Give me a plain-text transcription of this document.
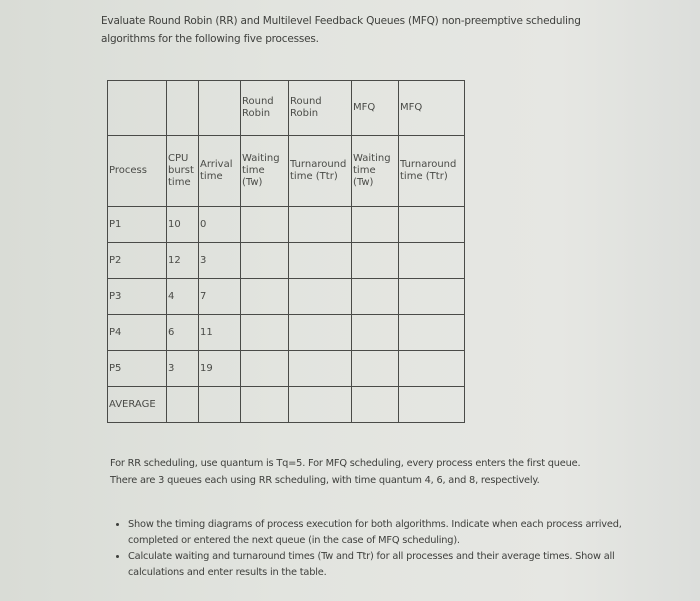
Evaluate Round Robin (RR) and Multilevel Feedback Queues (MFQ) non-preemptive scheduling algorithms for the following five processes.
			Round Robin	Round Robin	MFQ	MFQ
Process	CPU burst time	Arrival time	Waiting time (Tw)	Turnaround time (Ttr)	Waiting time (Tw)	Turnaround time (Ttr)
P1	10	0				
P2	12	3				
P3	4	7				
P4	6	11				
P5	3	19				
AVERAGE						
For RR scheduling, use quantum is Tq=5. For MFQ scheduling, every process enters the first queue. There are 3 queues each using RR scheduling, with time quantum 4, 6, and 8, respectively.
• Show the timing diagrams of process execution for both algorithms. Indicate when each process arrived, completed or entered the next queue (in the case of MFQ scheduling).
• Calculate waiting and turnaround times (Tw and Ttr) for all processes and their average times. Show all calculations and enter results in the table.
